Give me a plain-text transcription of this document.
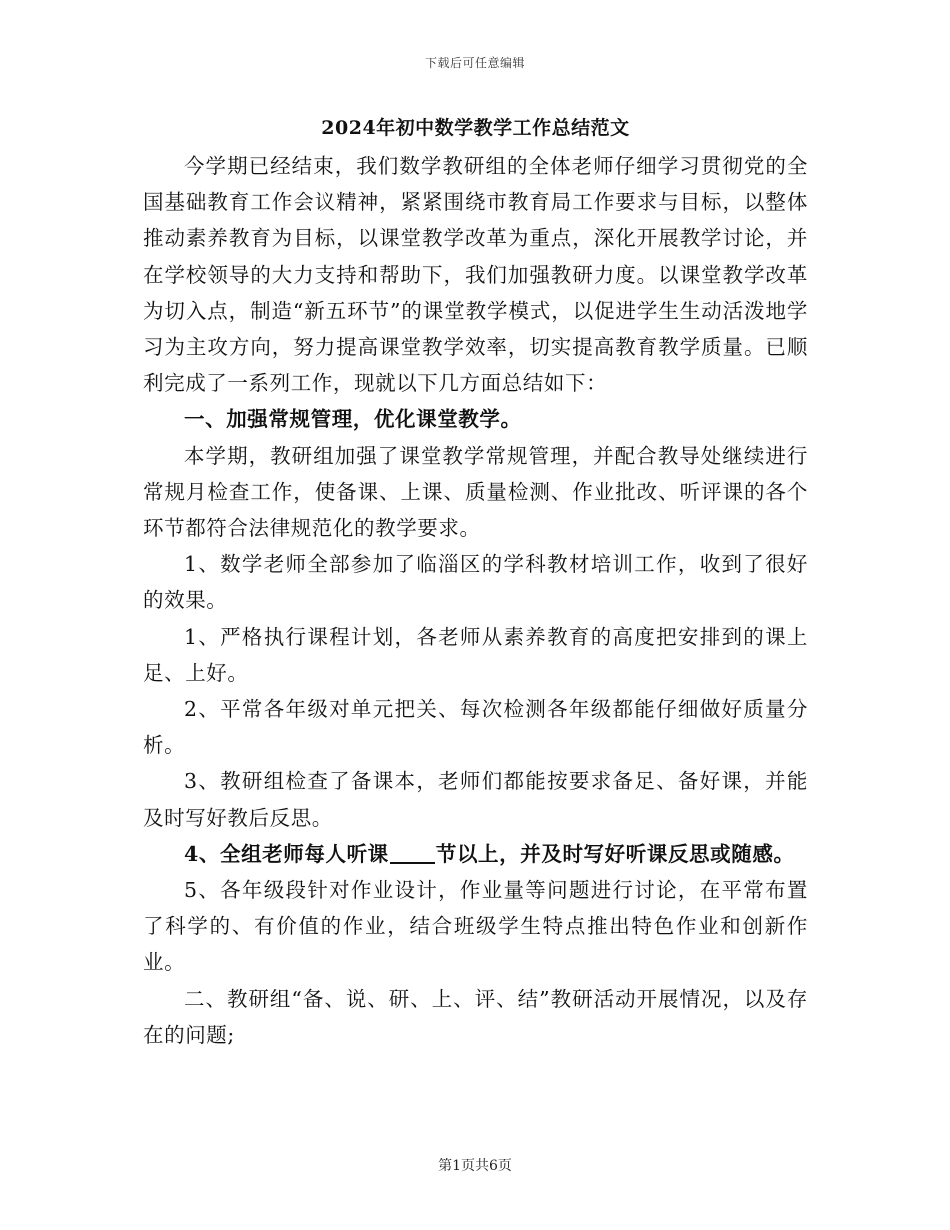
下载后可任意编辑
2024年初中数学教学工作总结范文

今学期已经结束，我们数学教研组的全体老师仔细学习贯彻党的全国基础教育工作会议精神，紧紧围绕市教育局工作要求与目标，以整体推动素养教育为目标，以课堂教学改革为重点，深化开展教学讨论，并在学校领导的大力支持和帮助下，我们加强教研力度。以课堂教学改革为切入点，制造“新五环节”的课堂教学模式，以促进学生生动活泼地学习为主攻方向，努力提高课堂教学效率，切实提高教育教学质量。已顺利完成了一系列工作，现就以下几方面总结如下：

一、加强常规管理，优化课堂教学。

本学期，教研组加强了课堂教学常规管理，并配合教导处继续进行常规月检查工作，使备课、上课、质量检测、作业批改、听评课的各个环节都符合法律规范化的教学要求。

1、数学老师全部参加了临淄区的学科教材培训工作，收到了很好的效果。

1、严格执行课程计划，各老师从素养教育的高度把安排到的课上足、上好。

2、平常各年级对单元把关、每次检测各年级都能仔细做好质量分析。

3、教研组检查了备课本，老师们都能按要求备足、备好课，并能及时写好教后反思。

4、全组老师每人听课 节以上，并及时写好听课反思或随感。

5、各年级段针对作业设计，作业量等问题进行讨论，在平常布置了科学的、有价值的作业，结合班级学生特点推出特色作业和创新作业。

二、教研组“备、说、研、上、评、结”教研活动开展情况，以及存在的问题;

第1页共6页
